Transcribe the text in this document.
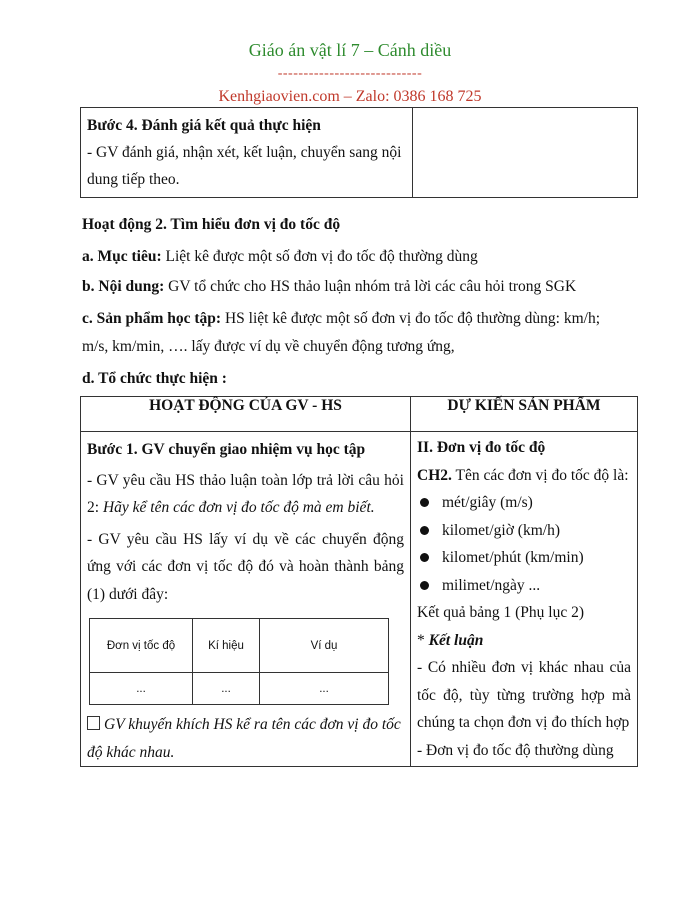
Giáo án vật lí 7 – Cánh diều
----------------------------
Kenhgiaovien.com – Zalo: 0386 168 725
Bước 4. Đánh giá kết quả thực hiện
- GV đánh giá, nhận xét, kết luận, chuyển sang nội dung tiếp theo.

Hoạt động 2. Tìm hiểu đơn vị đo tốc độ
a. Mục tiêu: Liệt kê được một số đơn vị đo tốc độ thường dùng
b. Nội dung: GV tổ chức cho HS thảo luận nhóm trả lời các câu hỏi trong SGK
c. Sản phẩm học tập: HS liệt kê được một số đơn vị đo tốc độ thường dùng: km/h;
m/s, km/min, …. lấy được ví dụ về chuyển động tương ứng,
d. Tổ chức thực hiện :
HOẠT ĐỘNG CỦA GV - HS	DỰ KIẾN SẢN PHẨM

Bước 1. GV chuyển giao nhiệm vụ học tập
- GV yêu cầu HS thảo luận toàn lớp trả lời câu hỏi 2: Hãy kể tên các đơn vị đo tốc độ mà em biết.
- GV yêu cầu HS lấy ví dụ về các chuyển động ứng với các đơn vị tốc độ đó và hoàn thành bảng (1) dưới đây:
Đơn vị tốc độ	Kí hiệu	Ví dụ
...	...	...
GV khuyến khích HS kể ra tên các đơn vị đo tốc độ khác nhau.

II. Đơn vị đo tốc độ
CH2. Tên các đơn vị đo tốc độ là:
mét/giây (m/s)
kilomet/giờ (km/h)
kilomet/phút (km/min)
milimet/ngày ...
Kết quả bảng 1 (Phụ lục 2)
* Kết luận
- Có nhiều đơn vị khác nhau của tốc độ, tùy từng trường hợp mà chúng ta chọn đơn vị đo thích hợp
- Đơn vị đo tốc độ thường dùng
